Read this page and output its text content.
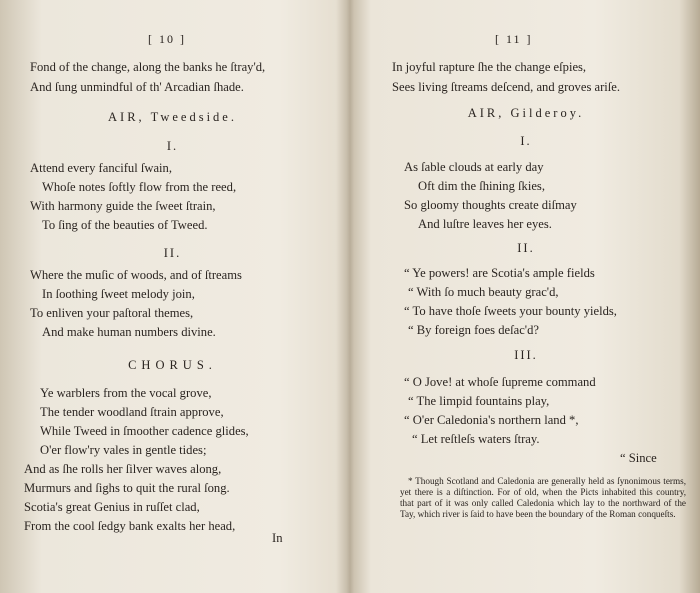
[ 10 ]
Fond of the change, along the banks he ſtray'd,
And ſung unmindful of th' Arcadian ſhade.
AIR, Tweedside.
I.
Attend every fanciful ſwain,
Whoſe notes ſoftly flow from the reed,
With harmony guide the ſweet ſtrain,
To ſing of the beauties of Tweed.
II.
Where the muſic of woods, and of ſtreams
In ſoothing ſweet melody join,
To enliven your paſtoral themes,
And make human numbers divine.
CHORUS.
Ye warblers from the vocal grove,
The tender woodland ſtrain approve,
While Tweed in ſmoother cadence glides,
O'er flow'ry vales in gentle tides;
And as ſhe rolls her ſilver waves along,
Murmurs and ſighs to quit the rural ſong.
Scotia's great Genius in ruſſet clad,
From the cool ſedgy bank exalts her head,
In
[ 11 ]
In joyful rapture ſhe the change eſpies,
Sees living ſtreams deſcend, and groves ariſe.
AIR, Gilderoy.
I.
As ſable clouds at early day
Oft dim the ſhining ſkies,
So gloomy thoughts create diſmay
And luſtre leaves her eyes.
II.
“ Ye powers! are Scotia's ample fields
“ With ſo much beauty grac'd,
“ To have thoſe ſweets your bounty yields,
“ By foreign foes deſac'd?
III.
“ O Jove! at whoſe ſupreme command
“ The limpid fountains play,
“ O'er Caledonia's northern land *,
“ Let reſtleſs waters ſtray.
“ Since

* Though Scotland and Caledonia are generally held as ſynonimous terms, yet there is a diſtinction. For of old, when the Picts inhabited this country, that part of it was only called Caledonia which lay to the northward of the Tay, which river is ſaid to have been the boundary of the Roman conqueſts.
